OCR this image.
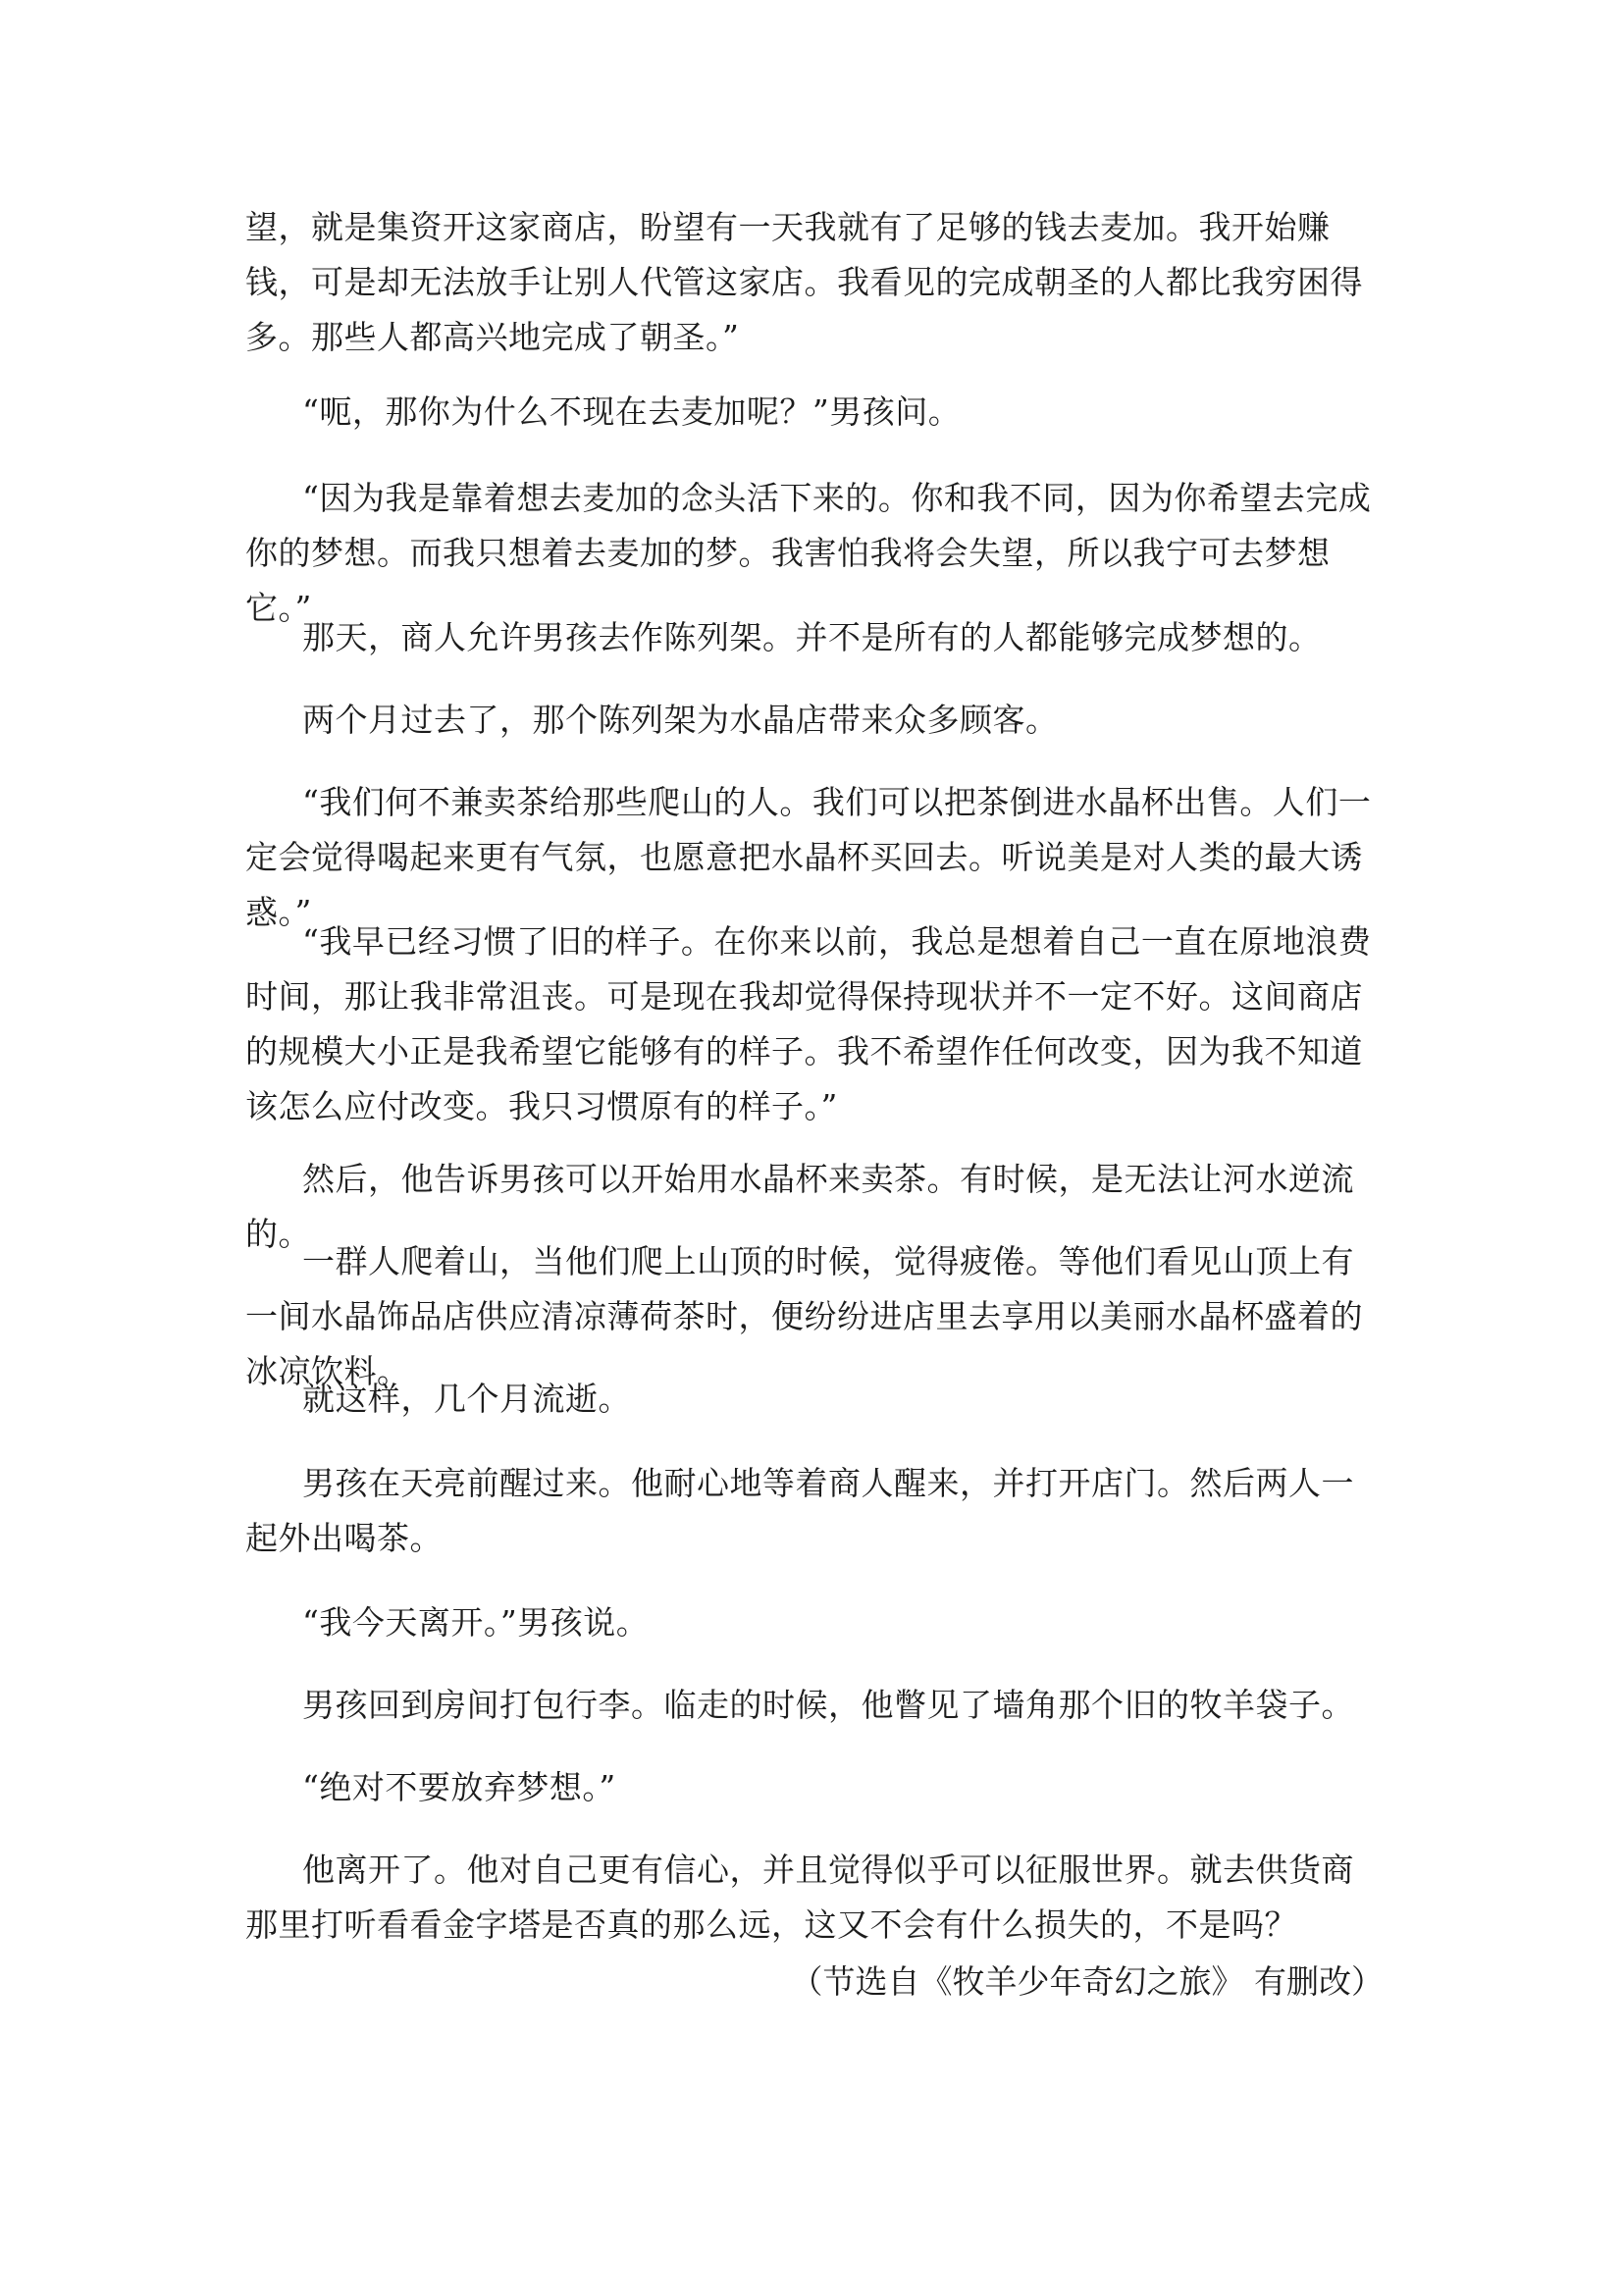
望，就是集资开这家商店，盼望有一天我就有了足够的钱去麦加。我开始赚钱，可是却无法放手让别人代管这家店。我看见的完成朝圣的人都比我穷困得多。那些人都高兴地完成了朝圣。”

“呃，那你为什么不现在去麦加呢？”男孩问。

“因为我是靠着想去麦加的念头活下来的。你和我不同，因为你希望去完成你的梦想。而我只想着去麦加的梦。我害怕我将会失望，所以我宁可去梦想它。”

那天，商人允许男孩去作陈列架。并不是所有的人都能够完成梦想的。

两个月过去了，那个陈列架为水晶店带来众多顾客。

“我们何不兼卖茶给那些爬山的人。我们可以把茶倒进水晶杯出售。人们一定会觉得喝起来更有气氛，也愿意把水晶杯买回去。听说美是对人类的最大诱惑。”

“我早已经习惯了旧的样子。在你来以前，我总是想着自己一直在原地浪费时间，那让我非常沮丧。可是现在我却觉得保持现状并不一定不好。这间商店的规模大小正是我希望它能够有的样子。我不希望作任何改变，因为我不知道该怎么应付改变。我只习惯原有的样子。”

然后，他告诉男孩可以开始用水晶杯来卖茶。有时候，是无法让河水逆流的。

一群人爬着山，当他们爬上山顶的时候，觉得疲倦。等他们看见山顶上有一间水晶饰品店供应清凉薄荷茶时，便纷纷进店里去享用以美丽水晶杯盛着的冰凉饮料。

就这样，几个月流逝。

男孩在天亮前醒过来。他耐心地等着商人醒来，并打开店门。然后两人一起外出喝茶。

“我今天离开。”男孩说。

男孩回到房间打包行李。临走的时候，他瞥见了墙角那个旧的牧羊袋子。

“绝对不要放弃梦想。”

他离开了。他对自己更有信心，并且觉得似乎可以征服世界。就去供货商那里打听看看金字塔是否真的那么远，这又不会有什么损失的，不是吗？

（节选自《牧羊少年奇幻之旅》 有删改）
